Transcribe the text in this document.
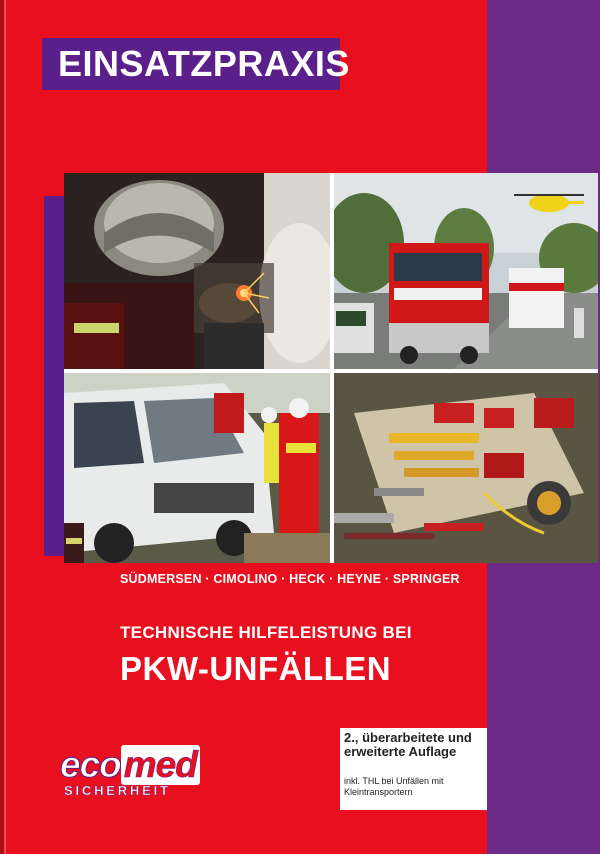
EINSATZPRAXIS
SÜDMERSEN · CIMOLINO · HECK · HEYNE · SPRINGER
TECHNISCHE HILFELEISTUNG BEI
PKW-UNFÄLLEN
2., überarbeitete und erweiterte Auflage
inkl. THL bei Unfällen mit Kleintransportern
ecomed
SICHERHEIT
